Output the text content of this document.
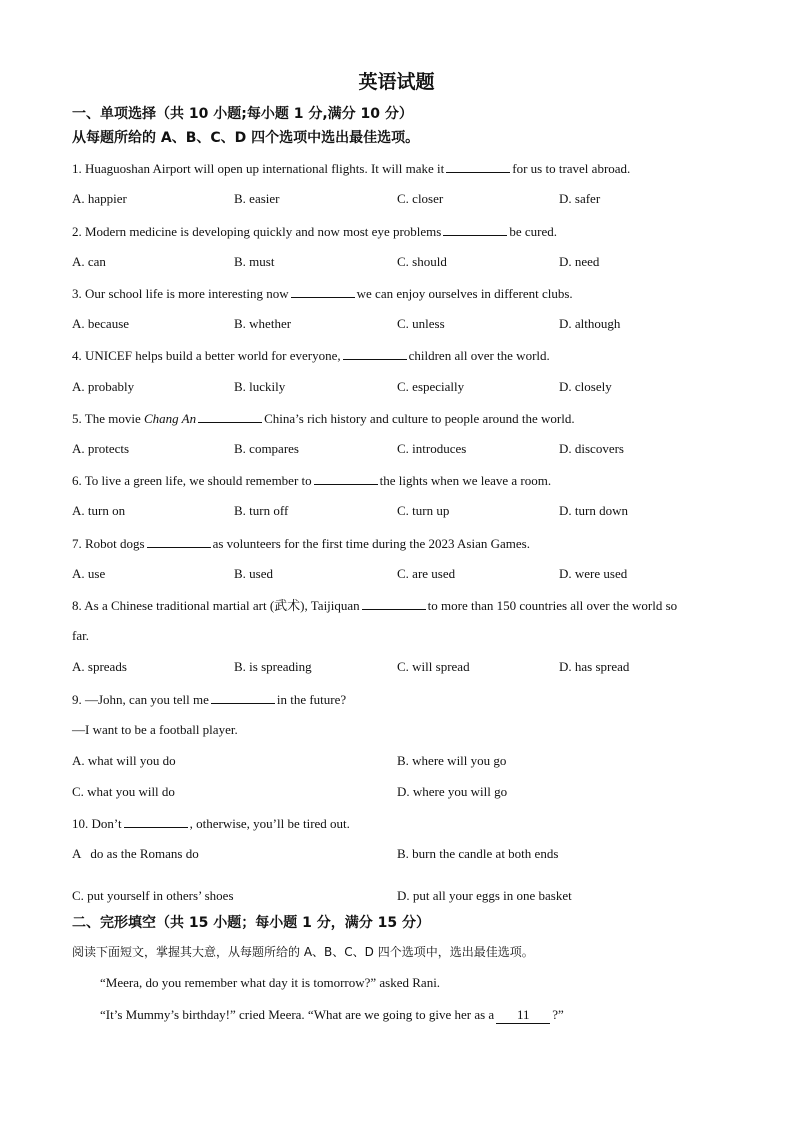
英语试题
一、单项选择（共 10 小题;每小题 1 分,满分 10 分）
从每题所给的 A、B、C、D 四个选项中选出最佳选项。
1. Huaguoshan Airport will open up international flights. It will make it	for us to travel abroad.
A. happier	B. easier	C. closer	D. safer
2. Modern medicine is developing quickly and now most eye problems	be cured.
A. can	B. must	C. should	D. need
3. Our school life is more interesting now	we can enjoy ourselves in different clubs.
A. because	B. whether	C. unless	D. although
4. UNICEF helps build a better world for everyone,	children all over the world.
A. probably	B. luckily	C. especially	D. closely
5. The movie Chang An	China’s rich history and culture to people around the world.
A. protects	B. compares	C. introduces	D. discovers
6. To live a green life, we should remember to	the lights when we leave a room.
A. turn on	B. turn off	C. turn up	D. turn down
7. Robot dogs	as volunteers for the first time during the 2023 Asian Games.
A. use	B. used	C. are used	D. were used
8. As a Chinese traditional martial art (武术), Taijiquan	to more than 150 countries all over the world so
far.
A. spreads	B. is spreading	C. will spread	D. has spread
9. —John, can you tell me	in the future?
—I want to be a football player.
A. what will you do	B. where will you go
C. what you will do	D. where you will go
10. Don’t	, otherwise, you’ll be tired out.
A   do as the Romans do	B. burn the candle at both ends
C. put yourself in others’ shoes	D. put all your eggs in one basket
二、完形填空（共 15 小题；每小题 1 分，满分 15 分）
阅读下面短文，掌握其大意，从每题所给的 A、B、C、D 四个选项中，选出最佳选项。
“Meera, do you remember what day it is tomorrow?” asked Rani.
“It’s Mummy’s birthday!” cried Meera. “What are we going to give her as a 11 ?”
